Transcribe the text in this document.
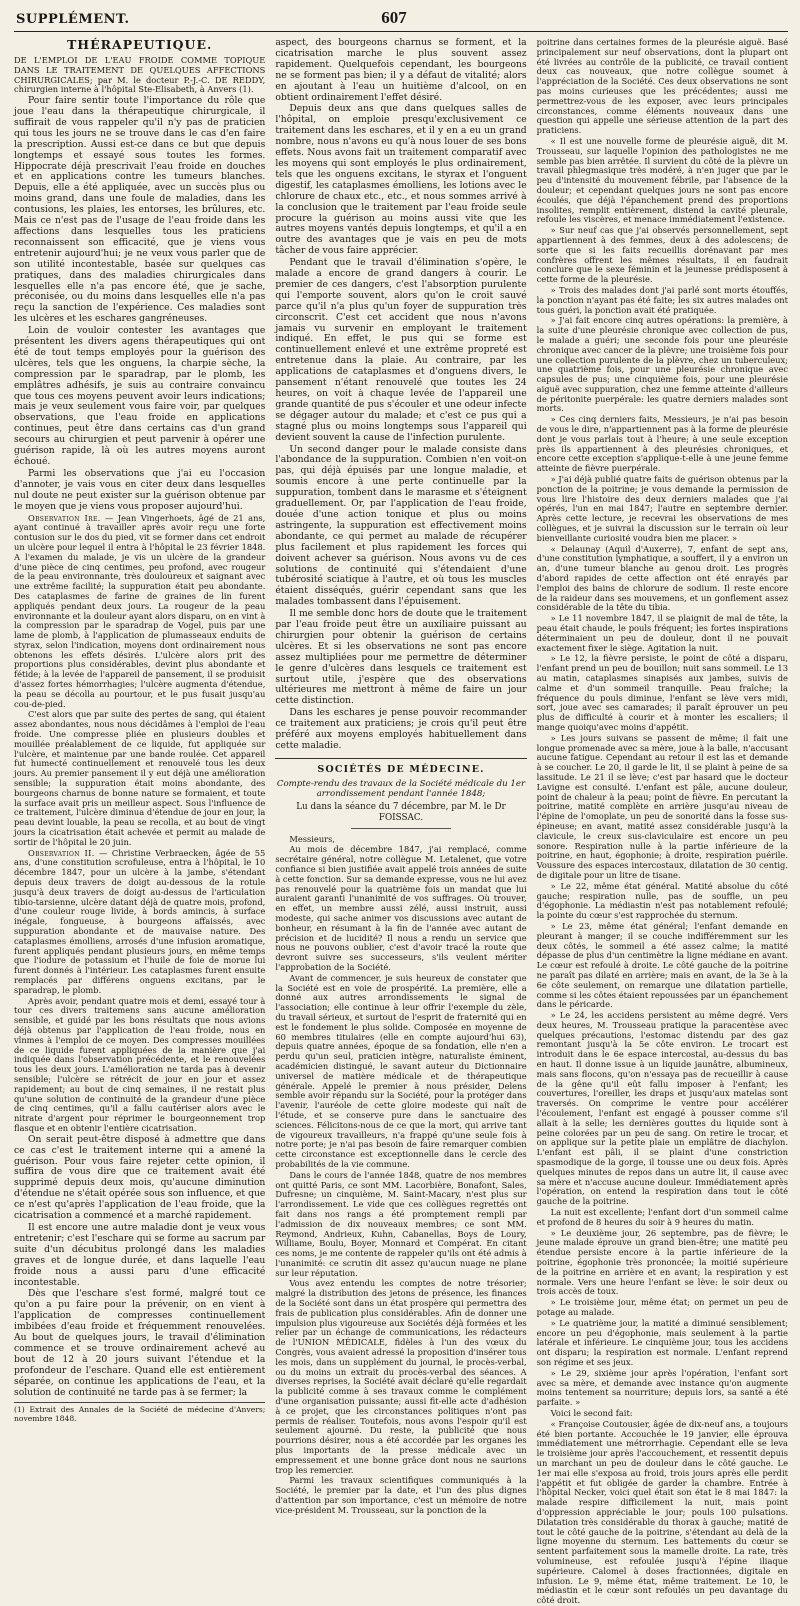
SUPPLÉMENT.	607
THÉRAPEUTIQUE.

DE L'EMPLOI DE L'EAU FROIDE COMME TOPIQUE DANS LE TRAITEMENT DE QUELQUES AFFECTIONS CHIRURGICALES; par M. le docteur P.-J.-C. DE REDDY, chirurgien interne à l'hôpital Ste-Elisabeth, à Anvers (1).

Pour faire sentir toute l'importance du rôle que joue l'eau dans la thérapeutique chirurgicale, il suffirait de vous rappeler qu'il n'y pas de praticien qui tous les jours ne se trouve dans le cas d'en faire la prescription. Aussi est-ce dans ce but que depuis longtemps et essayé sous toutes les formes. Hippocrate déjà prescrivait l'eau froide en douches et en applications contre les tumeurs blanches. Depuis, elle a été appliquée, avec un succès plus ou moins grand, dans une foule de maladies, dans les contusions, les plaies, les entorses, les brûlures, etc. Mais ce n'est pas de l'usage de l'eau froide dans les affections dans lesquelles tous les praticiens reconnaissent son efficacité, que je viens vous entretenir aujourd'hui; je ne veux vous parler que de son utilité incontestable, basée sur quelques cas pratiques, dans des maladies chirurgicales dans lesquelles elle n'a pas encore été, que je sache, préconisée, ou du moins dans lesquelles elle n'a pas reçu la sanction de l'expérience. Ces maladies sont les ulcères et les eschares gangréneuses.

Loin de vouloir contester les avantages que présentent les divers agens thérapeutiques qui ont été de tout temps employés pour la guérison des ulcères, tels que les onguens, la charpie sèche, la compression par le sparadrap, par le plomb, les emplâtres adhésifs, je suis au contraire convaincu que tous ces moyens peuvent avoir leurs indications; mais je veux seulement vous faire voir, par quelques observations, que l'eau froide en applications continues, peut être dans certains cas d'un grand secours au chirurgien et peut parvenir à opérer une guérison rapide, là où les autres moyens auront échoué.

Parmi les observations que j'ai eu l'occasion d'annoter, je vais vous en citer deux dans lesquelles nul doute ne peut exister sur la guérison obtenue par le moyen que je viens vous proposer aujourd'hui.

Observation Ire. — Jean Vingerhoets, âgé de 21 ans, ayant continué à travailler après avoir reçu une forte contusion sur le dos du pied, vit se former dans cet endroit un ulcère pour lequel il entra à l'hôpital le 23 février 1848. A l'examen du malade, je vis un ulcère de la grandeur d'une pièce de cinq centimes, peu profond, avec rougeur de la peau environnante, très douloureux et saignant avec une extrême facilité; la suppuration était peu abondante. Des cataplasmes de farine de graines de lin furent appliqués pendant deux jours. La rougeur de la peau environnante et la douleur ayant alors disparu, on en vint à la compression par le sparadrap de Vogel, puis par une lame de plomb, à l'application de plumasseaux enduits de styrax, selon l'indication, moyens dont ordinairement nous obtenons les effets désirés. L'ulcère alors prit des proportions plus considérables, devint plus abondante et fétide; à la levée de l'appareil de pansement, il se produisit d'assez fortes hémorrhagies; l'ulcère augmenta d'étendue, la peau se décolla au pourtour, et le pus fusait jusqu'au cou-de-pied.

C'est alors que par suite des pertes de sang, qui étaient assez abondantes, nous nous décidâmes à l'emploi de l'eau froide. Une compresse pliée en plusieurs doubles et mouillée préalablement de ce liquide, fut appliquée sur l'ulcère, et maintenue par une bande roulée. Cet appareil fut humecté continuellement et renouvelé tous les deux jours. Au premier pansement il y eut déjà une amélioration sensible; la suppuration était moins abondante, des bourgeons charnus de bonne nature se formaient, et toute la surface avait pris un meilleur aspect. Sous l'influence de ce traitement, l'ulcère diminua d'étendue de jour en jour, la peau devint louable, la peau se recolla, et au bout de vingt jours la cicatrisation était achevée et permit au malade de sortir de l'hôpital le 20 juin.

Observation II. — Christine Verbraecken, âgée de 55 ans, d'une constitution scrofuleuse, entra à l'hôpital, le 10 décembre 1847, pour un ulcère à la jambe, s'étendant depuis deux travers de doigt au-dessous de la rotule jusqu'à deux travers de doigt au-dessus de l'articulation tibio-tarsienne, ulcère datant déjà de quatre mois, profond, d'une couleur rouge livide, à bords amincis, à surface inégale, fongueuse, à bourgeons affaissés, avec suppuration abondante et de mauvaise nature. Des cataplasmes émolliens, arrosés d'une infusion aromatique, furent appliqués pendant plusieurs jours, en même temps que l'iodure de potassium et l'huile de foie de morue lui furent donnés à l'intérieur. Les cataplasmes furent ensuite remplacés par différens onguens excitans, par le sparadrap, le plomb.

Après avoir, pendant quatre mois et demi, essayé tour à tour ces divers traitemens sans aucune amélioration sensible, et guidé par les bons résultats que nous avions déjà obtenus par l'application de l'eau froide, nous en vînmes à l'emploi de ce moyen. Des compresses mouillées de ce liquide furent appliquées de la manière que j'ai indiquée dans l'observation précédente, et le renouvelées tous les deux jours. L'amélioration ne tarda pas à devenir sensible; l'ulcère se rétrécit de jour en jour et assez rapidement; au bout de cinq semaines, il ne restait plus qu'une solution de continuité de la grandeur d'une pièce de cinq centimes, qu'il a fallu cautériser alors avec le nitrate d'argent pour réprimer le bourgeonnement trop flasque et en obtenir l'entière cicatrisation.

On serait peut-être disposé à admettre que dans ce cas c'est le traitement interne qui a amené la guérison. Pour vous faire rejeter cette opinion, il suffira de vous dire que ce traitement avait été supprimé depuis deux mois, qu'aucune diminution d'étendue ne s'était opérée sous son influence, et que ce n'est qu'après l'application de l'eau froide, que la cicatrisation a commencé et a marché rapidement.

Il est encore une autre maladie dont je veux vous entretenir; c'est l'eschare qui se forme au sacrum par suite d'un décubitus prolongé dans les maladies graves et de longue durée, et dans laquelle l'eau froide nous a aussi paru d'une efficacité incontestable.

Dès que l'eschare s'est formé, malgré tout ce qu'on a pu faire pour la prévenir, on en vient à l'application de compresses continuellement imbibées d'eau froide et fréquemment renouvelées. Au bout de quelques jours, le travail d'élimination commence et se trouve ordinairement achevé au bout de 12 à 20 jours suivant l'étendue et la profondeur de l'eschare. Quand elle est entièrement séparée, on continue les applications de l'eau, et la solution de continuité ne tarde pas à se fermer; la

(1) Extrait des Annales de la Société de médecine d'Anvers; novembre 1848.

aspect, des bourgeons charnus se forment, et la cicatrisation marche le plus souvent assez rapidement. Quelquefois cependant, les bourgeons ne se forment pas bien; il y a défaut de vitalité; alors en ajoutant à l'eau un huitième d'alcool, on en obtient ordinairement l'effet désiré.

Depuis deux ans que dans quelques salles de l'hôpital, on emploie presqu'exclusivement ce traitement dans les eschares, et il y en a eu un grand nombre, nous n'avons eu qu'à nous louer de ses bons effets. Nous avons fait un traitement comparatif avec les moyens qui sont employés le plus ordinairement, tels que les onguens excitans, le styrax et l'onguent digestif, les cataplasmes émolliens, les lotions avec le chlorure de chaux etc., etc., et nous sommes arrivé à la conclusion que le traitement par l'eau froide seule procure la guérison au moins aussi vite que les autres moyens vantés depuis longtemps, et qu'il a en outre des avantages que je vais en peu de mots tâcher de vous faire apprécier.

Pendant que le travail d'élimination s'opère, le malade a encore de grand dangers à courir. Le premier de ces dangers, c'est l'absorption purulente qui l'emporte souvent, alors qu'on le croit sauvé parce qu'il n'a plus qu'un foyer de suppuration très circonscrit. C'est cet accident que nous n'avons jamais vu survenir en employant le traitement indiqué. En effet, le pus qui se forme est continuellement enlevé et une extrême propreté est entretenue dans la plaie. Au contraire, par les applications de cataplasmes et d'onguens divers, le pansement n'étant renouvelé que toutes les 24 heures, on voit à chaque levée de l'appareil une grande quantité de pus s'écouler et une odeur infecte se dégager autour du malade; et c'est ce pus qui a stagné plus ou moins longtemps sous l'appareil qui devient souvent la cause de l'infection purulente.

Un second danger pour le malade consiste dans l'abondance de la suppuration. Combien n'en voit-on pas, qui déjà épuisés par une longue maladie, et soumis encore à une perte continuelle par la suppuration, tombent dans le marasme et s'éteignent graduellement. Or, par l'application de l'eau froide, douée d'une action tonique et plus ou moins astringente, la suppuration est effectivement moins abondante, ce qui permet au malade de récupérer plus facilement et plus rapidement les forces qui doivent achever sa guérison. Nous avons vu de ces solutions de continuité qui s'étendaient d'une tubérosité sciatique à l'autre, et où tous les muscles étaient disséqués, guérir cependant sans que les malades tombassent dans l'épuisement.

Il me semble donc hors de doute que le traitement par l'eau froide peut être un auxiliaire puissant au chirurgien pour obtenir la guérison de certains ulcères. Et si les observations ne sont pas encore assez multipliées pour me permettre de déterminer le genre d'ulcères dans lesquels ce traitement est surtout utile, j'espère que des observations ultérieures me mettront à même de faire un jour cette distinction.

Dans les eschares je pense pouvoir recommander ce traitement aux praticiens; je crois qu'il peut être préféré aux moyens employés habituellement dans cette maladie.

SOCIÉTÉS DE MÉDECINE.
Compte-rendu des travaux de la Société médicale du 1er arrondissement pendant l'année 1848;
Lu dans la séance du 7 décembre, par M. le Dr FOISSAC.

Messieurs,

Au mois de décembre 1847, j'ai remplacé, comme secrétaire général, notre collègue M. Letalenet, que votre confiance si bien justifiée avait appelé trois années de suite à cette fonction. Sur sa demande expresse, vous ne lui avez pas renouvelé pour la quatrième fois un mandat que lui auraient garanti l'unanimité de vos suffrages. Où trouver, en effet, un membre aussi zélé, aussi instruit, aussi modeste, qui sache animer vos discussions avec autant de bonheur, en résumant à la fin de l'année avec autant de précision et de lucidité? Il nous a rendu un service que nous ne pouvons oublier, c'est d'avoir tracé la route que devront suivre ses successeurs, s'ils veulent mériter l'approbation de la Société.

Avant de commencer, je suis heureux de constater que la Société est en voie de prospérité. La première, elle a donné aux autres arrondissements le signal de l'association; elle continue à leur offrir l'exemple du zèle, du travail sérieux, et surtout de l'esprit de fraternité qui en est le fondement le plus solide. Composée en moyenne de 60 membres titulaires (elle en compte aujourd'hui 63), depuis quatre années, époque de sa fondation, elle n'en a perdu qu'un seul, praticien intègre, naturaliste éminent, académicien distingué, le savant auteur du Dictionnaire universel de matière médicale et de thérapeutique générale. Appelé le premier à nous présider, Delens semble avoir répandu sur la Société, pour la protéger dans l'avenir, l'auréole de cette gloire modeste qui naît de l'étude, et se conserve pure dans le sanctuaire des sciences. Félicitons-nous de ce que la mort, qui arrive tant de vigoureux travailleurs, n'a frappé qu'une seule fois à notre porte; je n'ai pas besoin de faire remarquer combien cette circonstance est exceptionnelle dans le cercle des probabilités de la vie commune.

Dans le cours de l'année 1848, quatre de nos membres ont quitté Paris, ce sont MM. Lacorbière, Bonafont, Sales, Dufresne; un cinquième, M. Saint-Macary, n'est plus sur l'arrondissement. Le vide que ces collègues regrettés ont fait dans nos rangs a été promptement rempli par l'admission de dix nouveaux membres; ce sont MM. Reymond, Andrieux, Kuhn, Cabanellas, Boys de Loury, Williame, Boulu, Boyer, Monnard et Compérat. En citant ces noms, je me contente de rappeler qu'ils ont été admis à l'unanimité: ce scrutin dit assez qu'aucun nuage ne plane sur leur réputation.

Vous avez entendu les comptes de notre trésorier; malgré la distribution des jetons de présence, les finances de la Société sont dans un état prospère qui permettra des frais de publication plus considérables. Afin de donner une impulsion plus vigoureuse aux Sociétés déjà formées et les relier par un échange de communications, les rédacteurs de l'UNION MÉDICALE, fidèles à l'un des vœux du Congrès, vous avaient adressé la proposition d'insérer tous les mois, dans un supplément du journal, le procès-verbal, ou du moins un extrait du procès-verbal des séances. A diverses reprises, la Société avait déclaré qu'elle regardait la publicité comme à ses travaux comme le complément d'une organisation puissante; aussi fit-elle acte d'adhésion à ce projet, que les circonstances politiques n'ont pas permis de réaliser. Toutefois, nous avons l'espoir qu'il est seulement ajourné. Du reste, la publicité que nous pourrions désirer, nous a été accordée par les organes les plus importants de la presse médicale avec un empressement et une bonne grâce dont nous ne saurions trop les remercier.

Parmi les travaux scientifiques communiqués à la Société, le premier par la date, et l'un des plus dignes d'attention par son importance, c'est un mémoire de notre vice-président M. Trousseau, sur la ponction de la

poitrine dans certaines formes de la pleurésie aiguë. Basé principalement sur neuf observations, dont la plupart ont été livrées au contrôle de la publicité, ce travail contient deux cas nouveaux, que notre collègue soumet à l'appréciation de la Société. Ces deux observations ne sont pas moins curieuses que les précédentes; aussi me permettrez-vous de les exposer, avec leurs principales circonstances, comme éléments nouveaux dans une question qui appelle une sérieuse attention de la part des praticiens.

« Il est une nouvelle forme de pleurésie aiguë, dit M. Trousseau, sur laquelle l'opinion des pathologistes ne me semble pas bien arrêtée. Il survient du côté de la plèvre un travail phlegmasique très modéré, à n'en juger que par le peu d'intensité du mouvement fébrile, par l'absence de la douleur; et cependant quelques jours ne sont pas encore écoulés, que déjà l'épanchement prend des proportions insolites, remplit entièrement, distend la cavité pleurale, refoule les viscères, et menace immédiatement l'existence.

» Sur neuf cas que j'ai observés personnellement, sept appartiennent à des femmes, deux à des adolescens; de sorte que si les faits recueillis dorénavant par mes confrères offrent les mêmes résultats, il en faudrait conclure que le sexe féminin et la jeunesse prédisposent à cette forme de la pleurésie.

» Trois des malades dont j'ai parlé sont morts étouffés, la ponction n'ayant pas été faite; les six autres malades ont tous guéri, la ponction avait été pratiquée.

» J'ai fait encore cinq autres opérations: la première, à la suite d'une pleurésie chronique avec collection de pus, le malade a guéri; une seconde fois pour une pleurésie chronique avec cancer de la plèvre; une troisième fois pour une collection purulente de la plèvre, chez un tuberculeux; une quatrième fois, pour une pleurésie chronique avec capsules de pus; une cinquième fois, pour une pleurésie aiguë avec suppuration, chez une femme atteinte d'ailleurs de péritonite puerpérale: les quatre derniers malades sont morts.

» Ces cinq derniers faits, Messieurs, je n'ai pas besoin de vous le dire, n'appartiennent pas à la forme de pleurésie dont je vous parlais tout à l'heure; à une seule exception près ils appartiennent à des pleurésies chroniques, et encore cette exception s'applique-t-elle à une jeune femme atteinte de fièvre puerpérale.

» J'ai déjà publié quatre faits de guérison obtenus par la ponction de la poitrine; je vous demande la permission de vous lire l'histoire des deux derniers malades que j'ai opérés, l'un en mai 1847; l'autre en septembre dernier. Après cette lecture, je recevrai les observations de mes collègues, et je suivrai la discussion sur le terrain où leur bienveillante curiosité voudra bien me placer. »

« Delaunay (Aquil d'Auxerre), 7, enfant de sept ans, d'une constitution lymphatique, a souffert, il y a environ un an, d'une tumeur blanche au genou droit. Les progrès d'abord rapides de cette affection ont été enrayés par l'emploi des bains de chlorure de sodium. Il reste encore de la raideur dans ses mouvemens, et un gonflement assez considérable de la tête du tibia.

» Le 11 novembre 1847, il se plaignit de mal de tête, la peau était chaude, le pouls fréquent; les fortes inspirations déterminaient un peu de douleur, dont il ne pouvait exactement fixer le siège. Agitation la nuit.

» Le 12, la fièvre persiste, le point de côté a disparu, l'enfant prend un peu de bouillon; nuit sans sommeil. Le 13 au matin, cataplasmes sinapisés aux jambes, suivis de calme et d'un sommeil tranquille. Peau fraîche; la fréquence du pouls diminue, l'enfant se lève vers midi, sort, joue avec ses camarades; il paraît éprouver un peu plus de difficulté à courir et à monter les escaliers; il mange quoiqu'avec moins d'appétit.

» Les jours suivans se passent de même; il fait une longue promenade avec sa mère, joue à la balle, n'accusant aucune fatigue. Cependant au retour il est las et demande à se coucher. Le 20, il garde le lit, il se plaint à peine de sa lassitude. Le 21 il se lève; c'est par hasard que le docteur Lavigne est consulté. L'enfant est pâle, aucune douleur, point de chaleur à la peau; point de fièvre. En percutant la poitrine, matité complète en arrière jusqu'au niveau de l'épine de l'omoplate, un peu de sonorité dans la fosse sus-épineuse; en avant, matité assez considérable jusqu'à la clavicule, le creux sus-claviculaire est encore un peu sonore. Respiration nulle à la partie inférieure de la poitrine, en haut, égophonie; à droite, respiration puérile. Voussure des espaces intercostaux, dilatation de 30 centig. de digitale pour un litre de tisane.

» Le 22, même état général. Matité absolue du côté gauche; respiration nulle, pas de souffle, un peu d'égophonie. La médiastin n'est pas notablement refoulé; la pointe du cœur s'est rapprochée du sternum.

» Le 23, même état général; l'enfant demande en pleurant à manger; il se couche indifféremment sur les deux côtés, le sommeil a été assez calme; la matité dépasse de plus d'un centimètre la ligne médiane en avant. Le cœur est refoulé à droite. Le côté gauche de la poitrine ne paraît pas dilaté en arrière; mais en avant, de la 3e à la 6e côte seulement, on remarque une dilatation partielle, comme si les côtes étaient repoussées par un épanchement dans le péricarde.

» Le 24, les accidens persistent au même degré. Vers deux heures, M. Trousseau pratique la paracentèse avec quelques précautions, l'estomac distendu par des gaz remontant jusqu'à la 5e côte environ. Le trocart est introduit dans le 6e espace intercostal, au-dessus du bas en haut. Il donne issue à un liquide jaunâtre, albumineux, mais sans flocons, qu'on n'essaya pas de recueillir à cause de la gêne qu'il eût fallu imposer à l'enfant; les couvertures, l'oreiller, les draps et jusqu'aux matelas sont traversés. On comprime le ventre pour accélérer l'écoulement, l'enfant est engagé à pousser comme s'il allait à la selle; les dernières gouttes du liquide sont à peine colorées par un peu de sang. On retire le trocar, et on applique sur la petite plaie un emplâtre de diachylon. L'enfant est pâli, il se plaint d'une constriction spasmodique de la gorge, il tousse une ou deux fois. Après quelques minutes de repos dans un autre lit, il cause avec sa mère et n'accuse aucune douleur. Immédiatement après l'opération, on entend la respiration dans tout le côté gauche de la poitrine.

La nuit est excellente; l'enfant dort d'un sommeil calme et profond de 8 heures du soir à 9 heures du matin.

» Le deuxième jour, 26 septembre, pas de fièvre; le jeune malade éprouve un grand bien-être; une matité peu étendue persiste encore à la partie inférieure de la poitrine, égophonie très prononcée; la moitié supérieure de la poitrine en arrière et en avant; la respiration y est normale. Vers une heure l'enfant se lève: le soir deux ou trois accès de toux.

» Le troisième jour, même état; on permet un peu de potage au malade.

» Le quatrième jour, la matité a diminué sensiblement; encore un peu d'égophonie, mais seulement à la partie latérale et inférieure. Le cinquième jour, tous les accidens ont disparu; la respiration est normale. L'enfant reprend son régime et ses jeux.

» Le 29, sixième jour après l'opération, l'enfant sort avec sa mère, et demande avec instance qu'on augmente moins tentement sa nourriture; depuis lors, sa santé a été parfaite. »

Voici le second fait:

« Françoise Coutousier, âgée de dix-neuf ans, a toujours été bien portante. Accouchée le 19 janvier, elle éprouva immédiatement une métrorrhagie. Cependant elle se leva le troisième jour après l'accouchement, et ressentit depuis un marchant un peu de douleur dans le côté gauche. Le 1er mai elle s'exposa au froid, trois jours après elle perdit l'appétit et fut obligée de garder la chambre. Entrée à l'hôpital Necker, voici quel était son état le 8 mai 1847: la malade respire difficilement la nuit, mais point d'oppression appréciable le jour; pouls 100 pulsations. Dilatation très considérable du thorax à gauche; matité de tout le côté gauche de la poitrine, s'étendant au delà de la ligne moyenne du sternum. Les battements du cœur se sentent parfaitement sous la mamelle droite. La rate, très volumineuse, est refoulée jusqu'à l'épine iliaque supérieure. Calomel à doses fractionnées, digitale en infusion. Le 9, même état, même traitement. Le 10, le médiastin et le cœur sont refoulés un peu davantage du côté droit.
